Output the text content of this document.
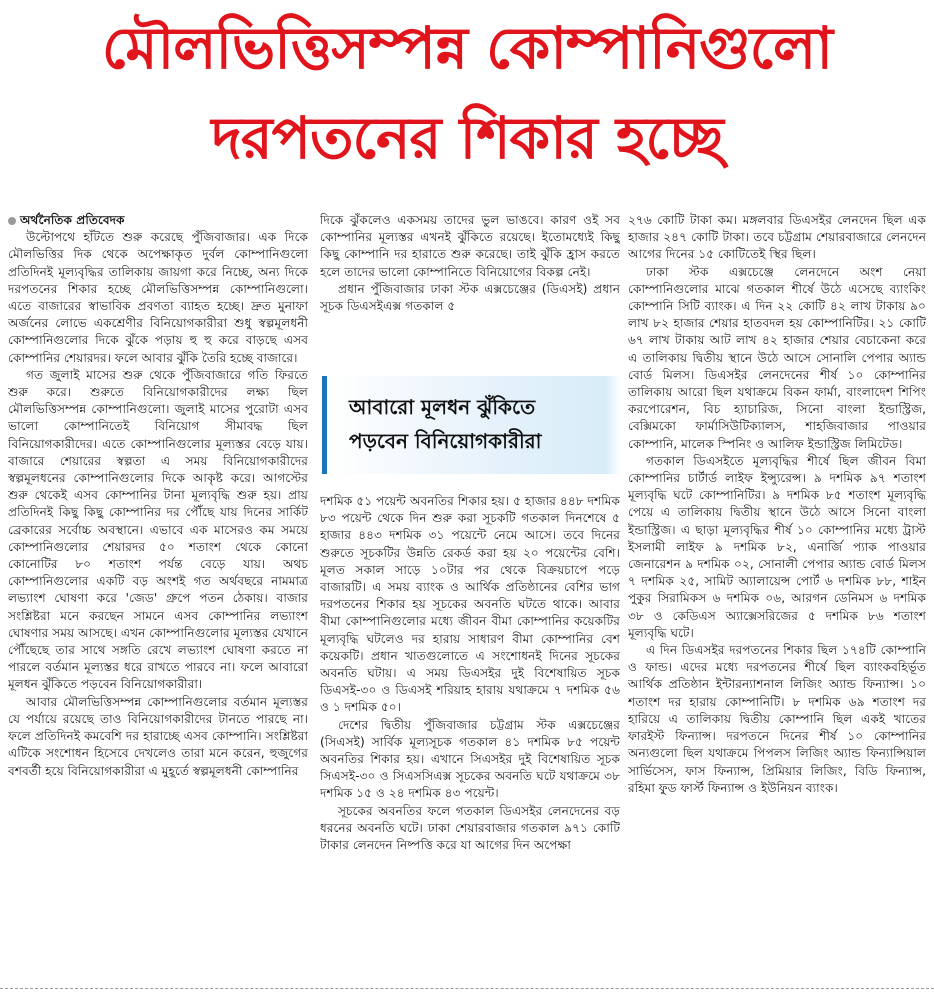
মৌলভিত্তিসম্পন্ন কোম্পানিগুলো
দরপতনের শিকার হচ্ছে

অর্থনৈতিক প্রতিবেদক

উল্টোপথে হাঁটতে শুরু করেছে পুঁজিবাজার। এক দিকে মৌলভিত্তির দিক থেকে অপেক্ষাকৃত দুর্বল কোম্পানিগুলো প্রতিদিনই মূল্যবৃদ্ধির তালিকায় জায়গা করে নিচ্ছে, অন্য দিকে দরপতনের শিকার হচ্ছে মৌলভিত্তিসম্পন্ন কোম্পানিগুলো। এতে বাজারের স্বাভাবিক প্রবণতা ব্যাহত হচ্ছে। দ্রুত মুনাফা অর্জনের লোভে একশ্রেণীর বিনিয়োগকারীরা শুধু স্বল্পমূলধনী কোম্পানিগুলোর দিকে ঝুঁকে পড়ায় হু হু করে বাড়ছে এসব কোম্পানির শেয়ারদর। ফলে আবার ঝুঁকি তৈরি হচ্ছে বাজারে।

গত জুলাই মাসের শুরু থেকে পুঁজিবাজারে গতি ফিরতে শুরু করে। শুরুতে বিনিয়োগকারীদের লক্ষ্য ছিল মৌলভিত্তিসম্পন্ন কোম্পানিগুলো। জুলাই মাসের পুরোটা এসব ভালো কোম্পানিতেই বিনিয়োগ সীমাবদ্ধ ছিল বিনিয়োগকারীদের। এতে কোম্পানিগুলোর মূল্যস্তর বেড়ে যায়। বাজারে শেয়ারের স্বল্পতা এ সময় বিনিয়োগকারীদের স্বল্পমূলধনের কোম্পানিগুলোর দিকে আকৃষ্ট করে। আগস্টের শুরু থেকেই এসব কোম্পানির টানা মূল্যবৃদ্ধি শুরু হয়। প্রায় প্রতিদিনই কিছু কিছু কোম্পানির দর পৌঁছে যায় দিনের সার্কিট ব্রেকারের সর্বোচ্চ অবস্থানে। এভাবে এক মাসেরও কম সময়ে কোম্পানিগুলোর শেয়ারদর ৫০ শতাংশ থেকে কোনো কোনোটির ৮০ শতাংশ পর্যন্ত বেড়ে যায়। অথচ কোম্পানিগুলোর একটি বড় অংশই গত অর্থবছরে নামমাত্র লভ্যাংশ ঘোষণা করে 'জেড' গ্রুপে পতন ঠেকায়। বাজার সংশ্লিষ্টরা মনে করছেন সামনে এসব কোম্পানির লভ্যাংশ ঘোষণার সময় আসছে। এখন কোম্পানিগুলোর মূল্যস্তর যেখানে পৌঁছেছে তার সাথে সঙ্গতি রেখে লভ্যাংশ ঘোষণা করতে না পারলে বর্তমান মূল্যস্তর ধরে রাখতে পারবে না। ফলে আবারো মূলধন ঝুঁকিতে পড়বেন বিনিয়োগকারীরা।

আবার মৌলভিত্তিসম্পন্ন কোম্পানিগুলোর বর্তমান মূল্যস্তর যে পর্যায়ে রয়েছে তাও বিনিয়োগকারীদের টানতে পারছে না। ফলে প্রতিদিনই কমবেশি দর হারাচ্ছে এসব কোম্পানি। সংশ্লিষ্টরা এটিকে সংশোধন হিসেবে দেখলেও তারা মনে করেন, হুজুগের বশবর্তী হয়ে বিনিয়োগকারীরা এ মুহূর্তে স্বল্পমূলধনী কোম্পানির

দিকে ঝুঁকলেও একসময় তাদের ভুল ভাঙবে। কারণ ওই সব কোম্পানির মূল্যস্তর এখনই ঝুঁকিতে রয়েছে। ইতোমধ্যেই কিছু কিছু কোম্পানি দর হারাতে শুরু করেছে। তাই ঝুঁকি হ্রাস করতে হলে তাদের ভালো কোম্পানিতে বিনিয়োগের বিকল্প নেই।

প্রধান পুঁজিবাজার ঢাকা স্টক এক্সচেঞ্জের (ডিএসই) প্রধান সূচক ডিএসইএক্স গতকাল ৫

আবারো মূলধন ঝুঁকিতে
পড়বেন বিনিয়োগকারীরা

দশমিক ৫১ পয়েন্ট অবনতির শিকার হয়। ৫ হাজার ৪৪৮ দশমিক ৮৩ পয়েন্ট থেকে দিন শুরু করা সূচকটি গতকাল দিনশেষে ৫ হাজার ৪৪৩ দশমিক ৩১ পয়েন্টে নেমে আসে। তবে দিনের শুরুতে সূচকটির উন্নতি রেকর্ড করা হয় ২০ পয়েন্টের বেশি। মূলত সকাল সাড়ে ১০টার পর থেকে বিক্রয়চাপে পড়ে বাজারটি। এ সময় ব্যাংক ও আর্থিক প্রতিষ্ঠানের বেশির ভাগ দরপতনের শিকার হয় সূচকের অবনতি ঘটতে থাকে। আবার বীমা কোম্পানিগুলোর মধ্যে জীবন বীমা কোম্পানির কয়েকটির মূল্যবৃদ্ধি ঘটলেও দর হারায় সাধারণ বীমা কোম্পানির বেশ কয়েকটি। প্রধান খাতগুলোতে এ সংশোধনই দিনের সূচকের অবনতি ঘটায়। এ সময় ডিএসইর দুই বিশেষায়িত সূচক ডিএসই-৩০ ও ডিএসই শরিয়াহ হারায় যথাক্রমে ৭ দশমিক ৫৬ ও ১ দশমিক ৫০।

দেশের দ্বিতীয় পুঁজিবাজার চট্টগ্রাম স্টক এক্সচেঞ্জের (সিএসই) সার্বিক মূল্যসূচক গতকাল ৪১ দশমিক ৮৫ পয়েন্ট অবনতির শিকার হয়। এখানে সিএসইর দুই বিশেষায়িত সূচক সিএসই-৩০ ও সিএসসিএক্স সূচকের অবনতি ঘটে যথাক্রমে ৩৮ দশমিক ১৫ ও ২৪ দশমিক ৪৩ পয়েন্ট।

সূচকের অবনতির ফলে গতকাল ডিএসইর লেনদেনের বড় ধরনের অবনতি ঘটে। ঢাকা শেয়ারবাজার গতকাল ৯৭১ কোটি টাকার লেনদেন নিষ্পত্তি করে যা আগের দিন অপেক্ষা

২৭৬ কোটি টাকা কম। মঙ্গলবার ডিএসইর লেনদেন ছিল এক হাজার ২৪৭ কোটি টাকা। তবে চট্টগ্রাম শেয়ারবাজারে লেনদেন আগের দিনের ১৫ কোটিতেই স্থির ছিল।

ঢাকা স্টক এক্সচেঞ্জে লেনদেনে অংশ নেয়া কোম্পানিগুলোর মাঝে গতকাল শীর্ষে উঠে এসেছে ব্যাংকিং কোম্পানি সিটি ব্যাংক। এ দিন ২২ কোটি ৪২ লাখ টাকায় ৯০ লাখ ৮২ হাজার শেয়ার হাতবদল হয় কোম্পানিটির। ২১ কোটি ৬৭ লাখ টাকায় আট লাখ ৪২ হাজার শেয়ার বেচাকেনা করে এ তালিকায় দ্বিতীয় স্থানে উঠে আসে সোনালি পেপার অ্যান্ড বোর্ড মিলস। ডিএসইর লেনদেনের শীর্ষ ১০ কোম্পানির তালিকায় আরো ছিল যথাক্রমে বিকন ফার্মা, বাংলাদেশ শিপিং করপোরেশন, বিচ হ্যাচারিজ, সিনো বাংলা ইন্ডাস্ট্রিজ, বেক্সিমকো ফার্মাসিউটিক্যালস, শাহজিবাজার পাওয়ার কোম্পানি, মালেক স্পিনিং ও আলিফ ইন্ডাস্ট্রিজ লিমিটেড।

গতকাল ডিএসইতে মূল্যবৃদ্ধির শীর্ষে ছিল জীবন বিমা কোম্পানির চার্টার্ড লাইফ ইন্স্যুরেন্স। ৯ দশমিক ৯৭ শতাংশ মূল্যবৃদ্ধি ঘটে কোম্পানিটির। ৯ দশমিক ৮৫ শতাংশ মূল্যবৃদ্ধি পেয়ে এ তালিকায় দ্বিতীয় স্থানে উঠে আসে সিনো বাংলা ইন্ডাস্ট্রিজ। এ ছাড়া মূল্যবৃদ্ধির শীর্ষ ১০ কোম্পানির মধ্যে ট্রাস্ট ইসলামী লাইফ ৯ দশমিক ৮২, এনার্জি প্যাক পাওয়ার জেনারেশন ৯ দশমিক ০২, সোনালী পেপার অ্যান্ড বোর্ড মিলস ৭ দশমিক ২৫, সামিট অ্যালায়েন্স পোর্ট ৬ দশমিক ৮৮, শাইন পুকুর সিরামিকস ৬ দশমিক ০৬, আরগন ডেনিমস ৬ দশমিক ৩৮ ও কেডিএস অ্যাক্সেসরিজের ৫ দশমিক ৮৬ শতাংশ মূল্যবৃদ্ধি ঘটে।

এ দিন ডিএসইর দরপতনের শিকার ছিল ১৭৪টি কোম্পানি ও ফান্ড। এদের মধ্যে দরপতনের শীর্ষে ছিল ব্যাংকবহির্ভূত আর্থিক প্রতিষ্ঠান ইন্টারন্যাশনাল লিজিং অ্যান্ড ফিন্যান্স। ১০ শতাংশ দর হারায় কোম্পানিটি। ৮ দশমিক ৬৯ শতাংশ দর হারিয়ে এ তালিকায় দ্বিতীয় কোম্পানি ছিল একই খাতের ফারইস্ট ফিন্যান্স। দরপতনে দিনের শীর্ষ ১০ কোম্পানির অন্যগুলো ছিল যথাক্রমে পিপলস লিজিং অ্যান্ড ফিন্যান্সিয়াল সার্ভিসেস, ফাস ফিন্যান্স, প্রিমিয়ার লিজিং, বিডি ফিন্যান্স, রহিমা ফুড ফার্স্ট ফিন্যান্স ও ইউনিয়ন ব্যাংক।
